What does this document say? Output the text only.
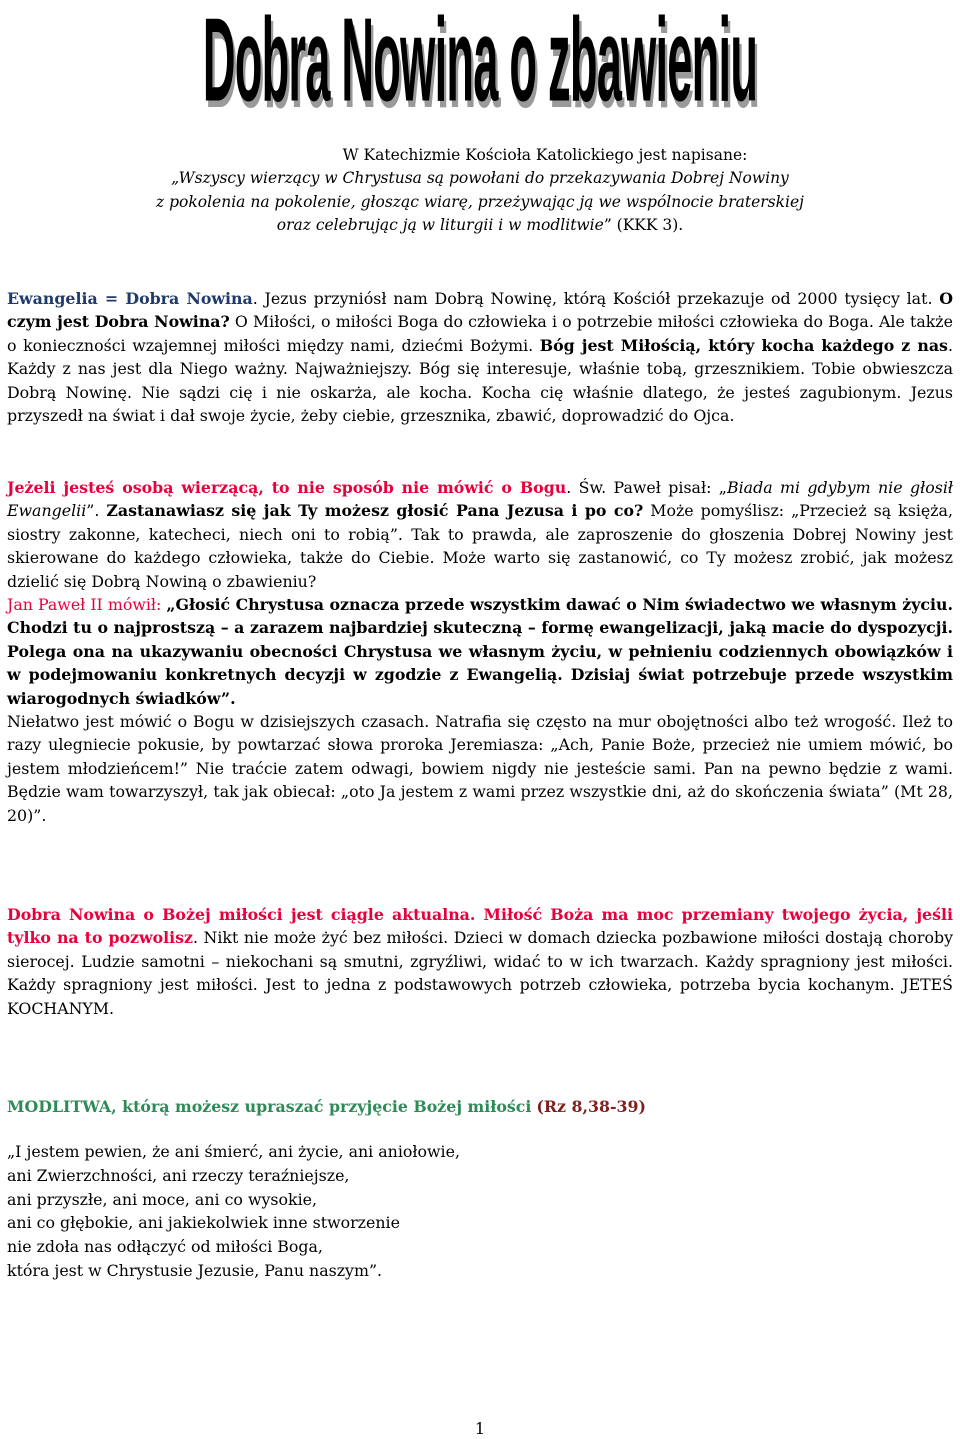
Dobra Nowina o zbawieniu

W Katechizmie Kościoła Katolickiego jest napisane:

„Wszyscy wierzący w Chrystusa są powołani do przekazywania Dobrej Nowiny

z pokolenia na pokolenie, głosząc wiarę, przeżywając ją we wspólnocie braterskiej

oraz celebrując ją w liturgii i w modlitwie” (KKK 3).

Ewangelia = Dobra Nowina. Jezus przyniósł nam Dobrą Nowinę, którą Kościół przekazuje od 2000 tysięcy lat. O czym jest Dobra Nowina? O Miłości, o miłości Boga do człowieka i o potrzebie miłości człowieka do Boga. Ale także o konieczności wzajemnej miłości między nami, dziećmi Bożymi. Bóg jest Miłością, który kocha każdego z nas. Każdy z nas jest dla Niego ważny. Najważniejszy. Bóg się interesuje, właśnie tobą, grzesznikiem. Tobie obwieszcza Dobrą Nowinę. Nie sądzi cię i nie oskarża, ale kocha. Kocha cię właśnie dlatego, że jesteś zagubionym. Jezus przyszedł na świat i dał swoje życie, żeby ciebie, grzesznika, zbawić, doprowadzić do Ojca.

Jeżeli jesteś osobą wierzącą, to nie sposób nie mówić o Bogu. Św. Paweł pisał: „Biada mi gdybym nie głosił Ewangelii”. Zastanawiasz się jak Ty możesz głosić Pana Jezusa i po co? Może pomyślisz: „Przecież są księża, siostry zakonne, katecheci, niech oni to robią”. Tak to prawda, ale zaproszenie do głoszenia Dobrej Nowiny jest skierowane do każdego człowieka, także do Ciebie. Może warto się zastanowić, co Ty możesz zrobić, jak możesz dzielić się Dobrą Nowiną o zbawieniu?

Jan Paweł II mówił: „Głosić Chrystusa oznacza przede wszystkim dawać o Nim świadectwo we własnym życiu. Chodzi tu o najprostszą – a zarazem najbardziej skuteczną – formę ewangelizacji, jaką macie do dyspozycji. Polega ona na ukazywaniu obecności Chrystusa we własnym życiu, w pełnieniu codziennych obowiązków i w podejmowaniu konkretnych decyzji w zgodzie z Ewangelią. Dzisiaj świat potrzebuje przede wszystkim wiarogodnych świadków”.

Niełatwo jest mówić o Bogu w dzisiejszych czasach. Natrafia się często na mur obojętności albo też wrogość. Ileż to razy ulegniecie pokusie, by powtarzać słowa proroka Jeremiasza: „Ach, Panie Boże, przecież nie umiem mówić, bo jestem młodzieńcem!” Nie traćcie zatem odwagi, bowiem nigdy nie jesteście sami. Pan na pewno będzie z wami. Będzie wam towarzyszył, tak jak obiecał: „oto Ja jestem z wami przez wszystkie dni, aż do skończenia świata” (Mt 28, 20)”.

Dobra Nowina o Bożej miłości jest ciągle aktualna. Miłość Boża ma moc przemiany twojego życia, jeśli tylko na to pozwolisz. Nikt nie może żyć bez miłości. Dzieci w domach dziecka pozbawione miłości dostają choroby sierocej. Ludzie samotni – niekochani są smutni, zgryźliwi, widać to w ich twarzach. Każdy spragniony jest miłości. Każdy spragniony jest miłości. Jest to jedna z podstawowych potrzeb człowieka, potrzeba bycia kochanym. JETEŚ KOCHANYM.

MODLITWA, którą możesz upraszać przyjęcie Bożej miłości (Rz 8,38-39)

„I jestem pewien, że ani śmierć, ani życie, ani aniołowie,

ani Zwierzchności, ani rzeczy teraźniejsze,

ani przyszłe, ani moce, ani co wysokie,

ani co głębokie, ani jakiekolwiek inne stworzenie

nie zdoła nas odłączyć od miłości Boga,

która jest w Chrystusie Jezusie, Panu naszym”.

1
